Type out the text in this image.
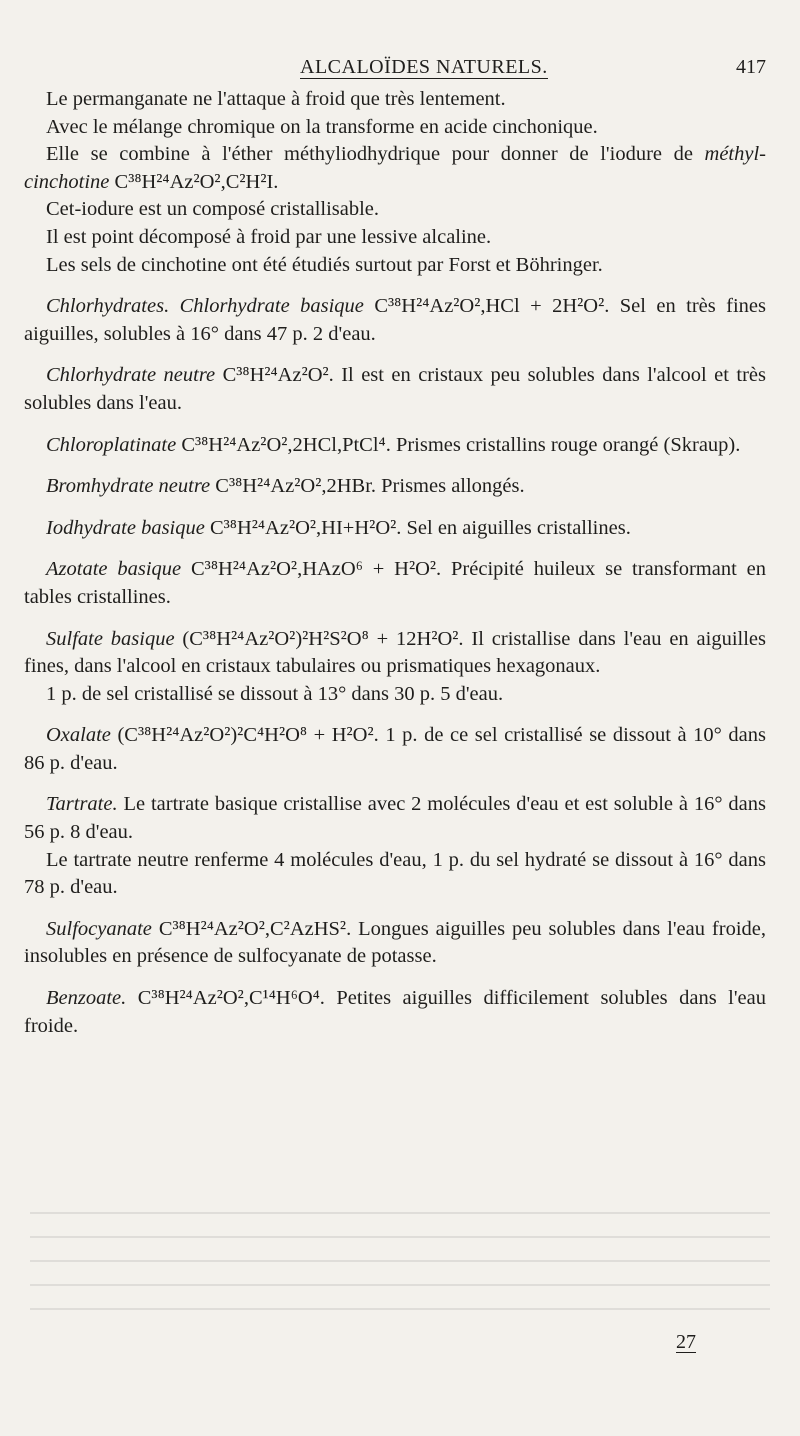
ALCALOÏDES NATURELS.	417

Le permanganate ne l'attaque à froid que très lentement.

Avec le mélange chromique on la transforme en acide cinchonique.

Elle se combine à l'éther méthyliodhydrique pour donner de l'iodure de méthyl-cinchotine C³⁸H²⁴Az²O²,C²H²I.

Cet-iodure est un composé cristallisable.

Il est point décomposé à froid par une lessive alcaline.

Les sels de cinchotine ont été étudiés surtout par Forst et Böhringer.

Chlorhydrates. Chlorhydrate basique C³⁸H²⁴Az²O²,HCl + 2H²O². Sel en très fines aiguilles, solubles à 16° dans 47 p. 2 d'eau.

Chlorhydrate neutre C³⁸H²⁴Az²O². Il est en cristaux peu solubles dans l'alcool et très solubles dans l'eau.

Chloroplatinate C³⁸H²⁴Az²O²,2HCl,PtCl⁴. Prismes cristallins rouge orangé (Skraup).

Bromhydrate neutre C³⁸H²⁴Az²O²,2HBr. Prismes allongés.

Iodhydrate basique C³⁸H²⁴Az²O²,HI+H²O². Sel en aiguilles cristallines.

Azotate basique C³⁸H²⁴Az²O²,HAzO⁶ + H²O². Précipité huileux se transformant en tables cristallines.

Sulfate basique (C³⁸H²⁴Az²O²)²H²S²O⁸ + 12H²O². Il cristallise dans l'eau en aiguilles fines, dans l'alcool en cristaux tabulaires ou prismatiques hexagonaux.

1 p. de sel cristallisé se dissout à 13° dans 30 p. 5 d'eau.

Oxalate (C³⁸H²⁴Az²O²)²C⁴H²O⁸ + H²O². 1 p. de ce sel cristallisé se dissout à 10° dans 86 p. d'eau.

Tartrate. Le tartrate basique cristallise avec 2 molécules d'eau et est soluble à 16° dans 56 p. 8 d'eau.

Le tartrate neutre renferme 4 molécules d'eau, 1 p. du sel hydraté se dissout à 16° dans 78 p. d'eau.

Sulfocyanate C³⁸H²⁴Az²O²,C²AzHS². Longues aiguilles peu solubles dans l'eau froide, insolubles en présence de sulfocyanate de potasse.

Benzoate. C³⁸H²⁴Az²O²,C¹⁴H⁶O⁴. Petites aiguilles difficilement solubles dans l'eau froide.

27
